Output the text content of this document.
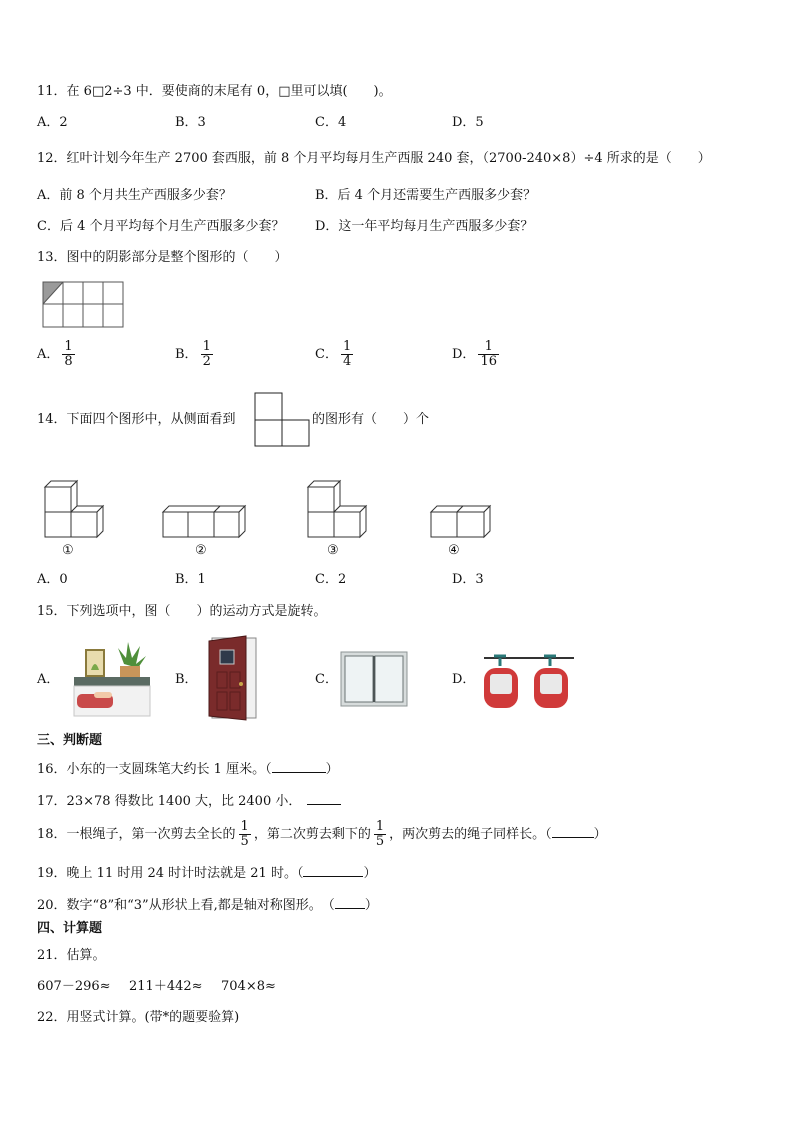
11．在 6□2÷3 中．要使商的末尾有 0，□里可以填(　　)。
A．2	B．3	C．4	D．5
12．红叶计划今年生产 2700 套西服，前 8 个月平均每月生产西服 240 套，（2700-240×8）÷4 所求的是（　　）
A．前 8 个月共生产西服多少套？	B．后 4 个月还需要生产西服多少套？
C．后 4 个月平均每个月生产西服多少套？ D．这一年平均每月生产西服多少套？
13．图中的阴影部分是整个图形的（　　）
A． $\frac{1}{8}$	B． $\frac{1}{2}$	C． $\frac{1}{4}$	D． $\frac{1}{16}$
14．下面四个图形中，从侧面看到	的图形有（　　）个
①	②	③	④
A．0	B．1	C．2	D．3
15．下列选项中，图（　　）的运动方式是旋转。
A．	B．	C．	D．
三、判断题
16．小东的一支圆珠笔大约长 1 厘米。（	）
17．23×78 得数比 1400 大，比 2400 小．
18．一根绳子，第一次剪去全长的 $\frac{1}{5}$ ，第二次剪去剩下的 $\frac{1}{5}$ ，两次剪去的绳子同样长。（	）
19．晚上 11 时用 24 时计时法就是 21 时。（	）
20．数字“8”和“3”从形状上看,都是轴对称图形。　（ ）
四、计算题
21．估算。
607－296≈ 211＋442≈ 704×8≈
22．用竖式计算。(带*的题要验算)
